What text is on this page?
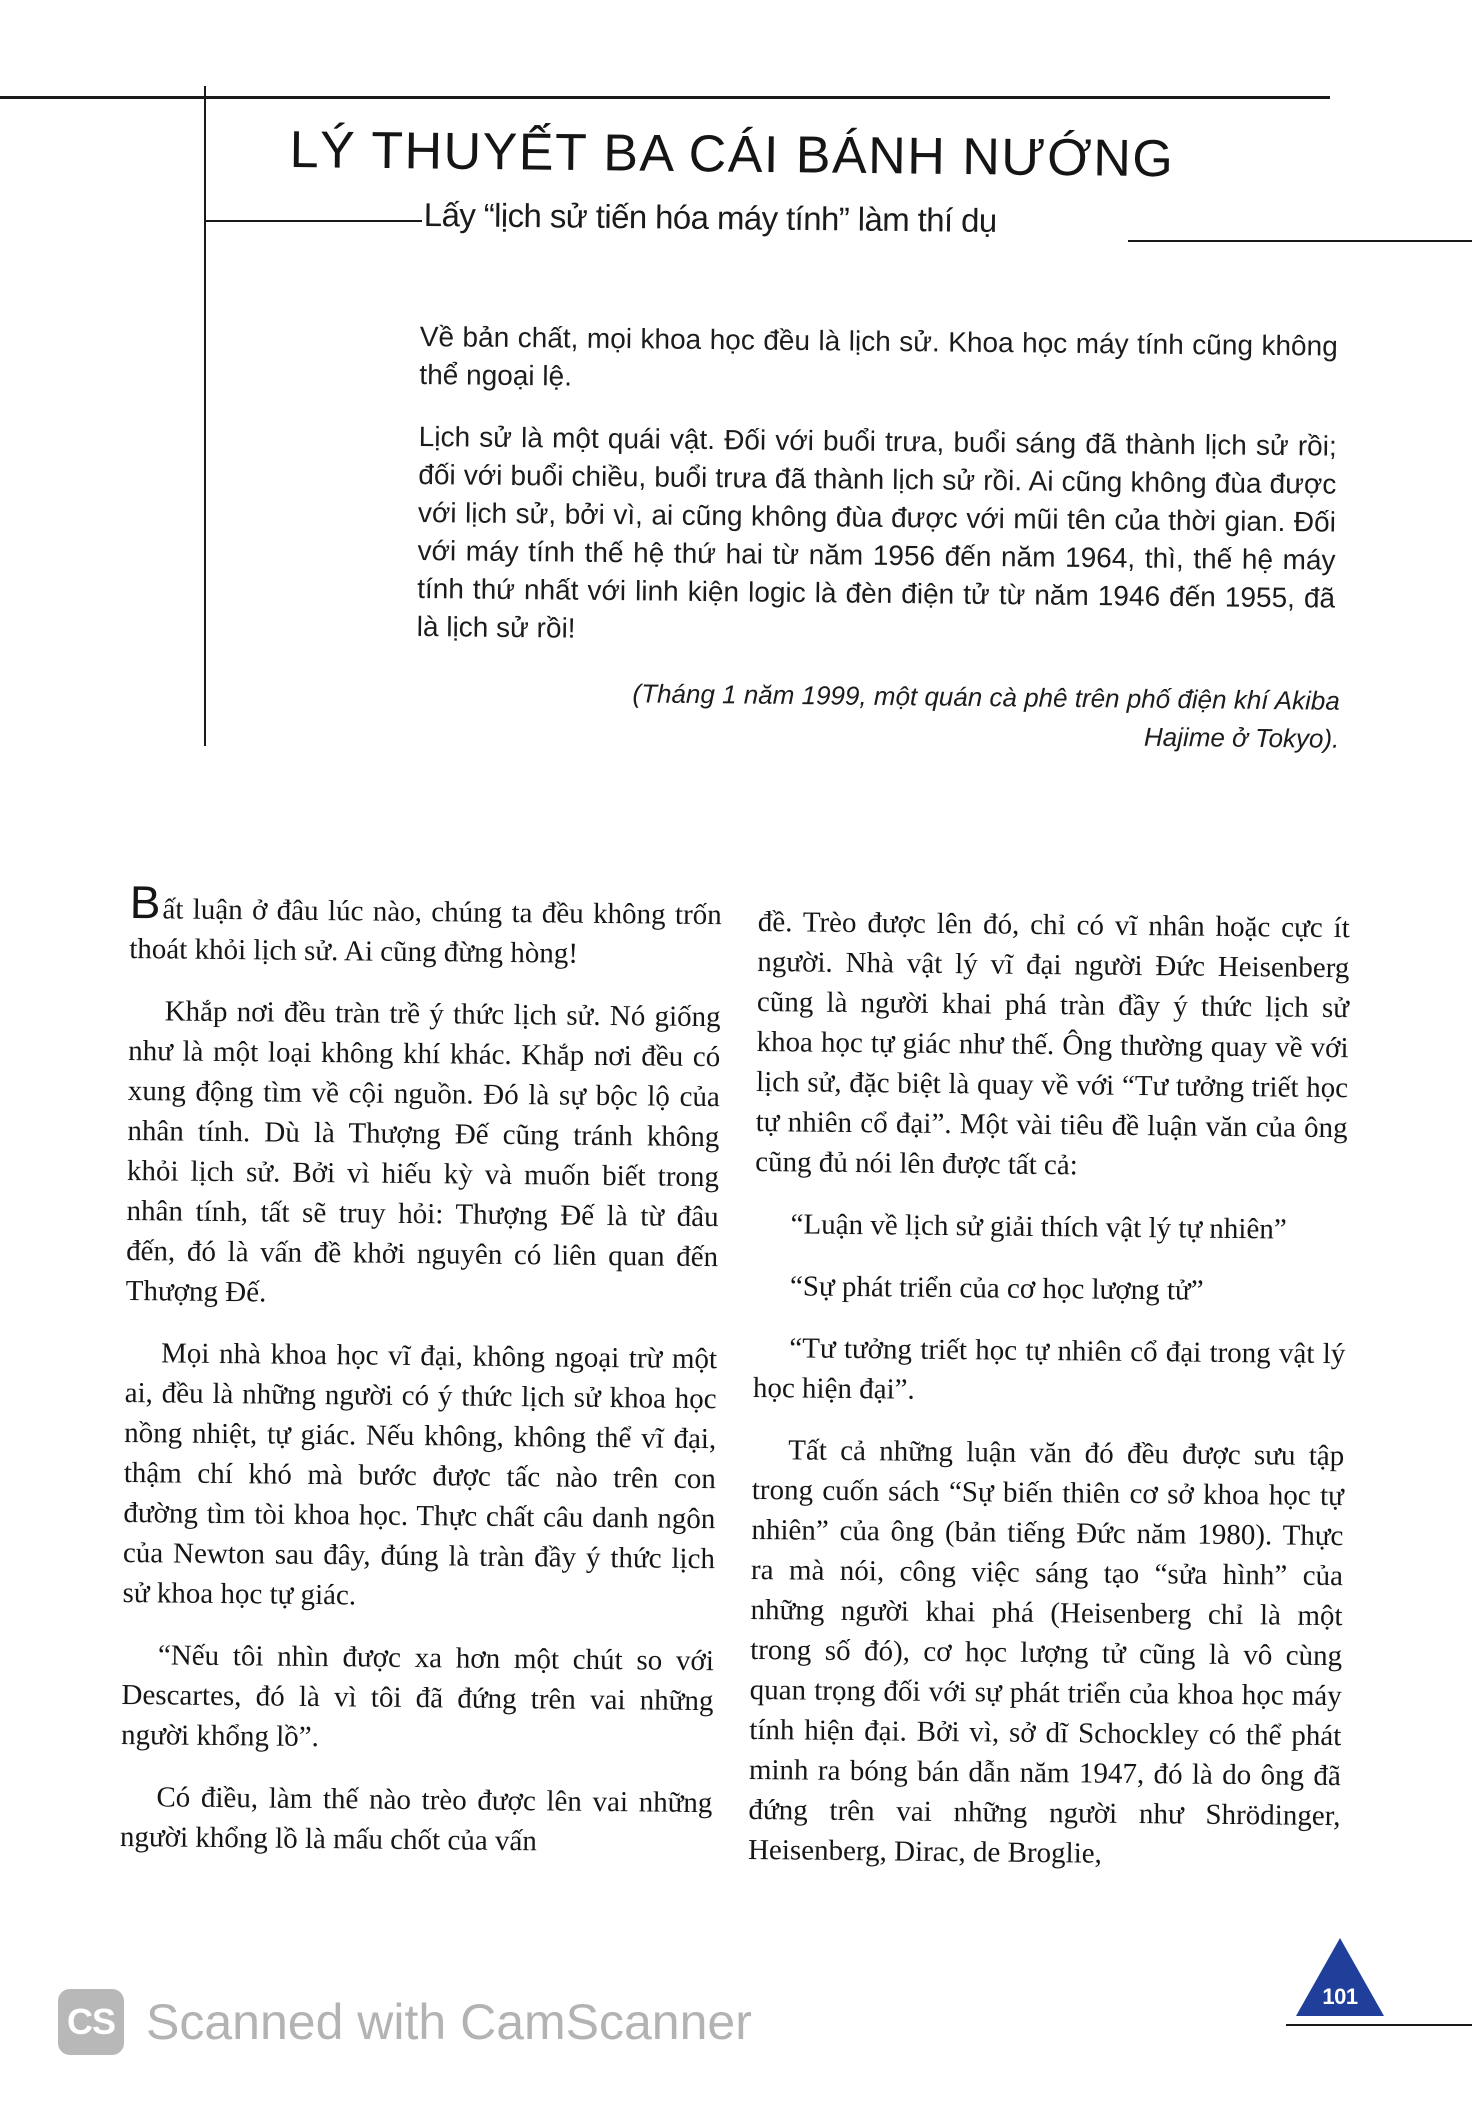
LÝ THUYẾT BA CÁI BÁNH NƯỚNG
Lấy “lịch sử tiến hóa máy tính” làm thí dụ

Về bản chất, mọi khoa học đều là lịch sử. Khoa học máy tính cũng không thể ngoại lệ.

Lịch sử là một quái vật. Đối với buổi trưa, buổi sáng đã thành lịch sử rồi; đối với buổi chiều, buổi trưa đã thành lịch sử rồi. Ai cũng không đùa được với lịch sử, bởi vì, ai cũng không đùa được với mũi tên của thời gian. Đối với máy tính thế hệ thứ hai từ năm 1956 đến năm 1964, thì, thế hệ máy tính thứ nhất với linh kiện logic là đèn điện tử từ năm 1946 đến 1955, đã là lịch sử rồi!

(Tháng 1 năm 1999, một quán cà phê trên phố điện khí Akiba Hajime ở Tokyo).

Bất luận ở đâu lúc nào, chúng ta đều không trốn thoát khỏi lịch sử. Ai cũng đừng hòng!

Khắp nơi đều tràn trề ý thức lịch sử. Nó giống như là một loại không khí khác. Khắp nơi đều có xung động tìm về cội nguồn. Đó là sự bộc lộ của nhân tính. Dù là Thượng Đế cũng tránh không khỏi lịch sử. Bởi vì hiếu kỳ và muốn biết trong nhân tính, tất sẽ truy hỏi: Thượng Đế là từ đâu đến, đó là vấn đề khởi nguyên có liên quan đến Thượng Đế.

Mọi nhà khoa học vĩ đại, không ngoại trừ một ai, đều là những người có ý thức lịch sử khoa học nồng nhiệt, tự giác. Nếu không, không thể vĩ đại, thậm chí khó mà bước được tấc nào trên con đường tìm tòi khoa học. Thực chất câu danh ngôn của Newton sau đây, đúng là tràn đầy ý thức lịch sử khoa học tự giác.

“Nếu tôi nhìn được xa hơn một chút so với Descartes, đó là vì tôi đã đứng trên vai những người khổng lồ”.

Có điều, làm thế nào trèo được lên vai những người khổng lồ là mấu chốt của vấn

đề. Trèo được lên đó, chỉ có vĩ nhân hoặc cực ít người. Nhà vật lý vĩ đại người Đức Heisenberg cũng là người khai phá tràn đầy ý thức lịch sử khoa học tự giác như thế. Ông thường quay về với lịch sử, đặc biệt là quay về với “Tư tưởng triết học tự nhiên cổ đại”. Một vài tiêu đề luận văn của ông cũng đủ nói lên được tất cả:

“Luận về lịch sử giải thích vật lý tự nhiên”

“Sự phát triển của cơ học lượng tử”

“Tư tưởng triết học tự nhiên cổ đại trong vật lý học hiện đại”.

Tất cả những luận văn đó đều được sưu tập trong cuốn sách “Sự biến thiên cơ sở khoa học tự nhiên” của ông (bản tiếng Đức năm 1980). Thực ra mà nói, công việc sáng tạo “sửa hình” của những người khai phá (Heisenberg chỉ là một trong số đó), cơ học lượng tử cũng là vô cùng quan trọng đối với sự phát triển của khoa học máy tính hiện đại. Bởi vì, sở dĩ Schockley có thể phát minh ra bóng bán dẫn năm 1947, đó là do ông đã đứng trên vai những người như Shrödinger, Heisenberg, Dirac, de Broglie,

CS Scanned with CamScanner	101
